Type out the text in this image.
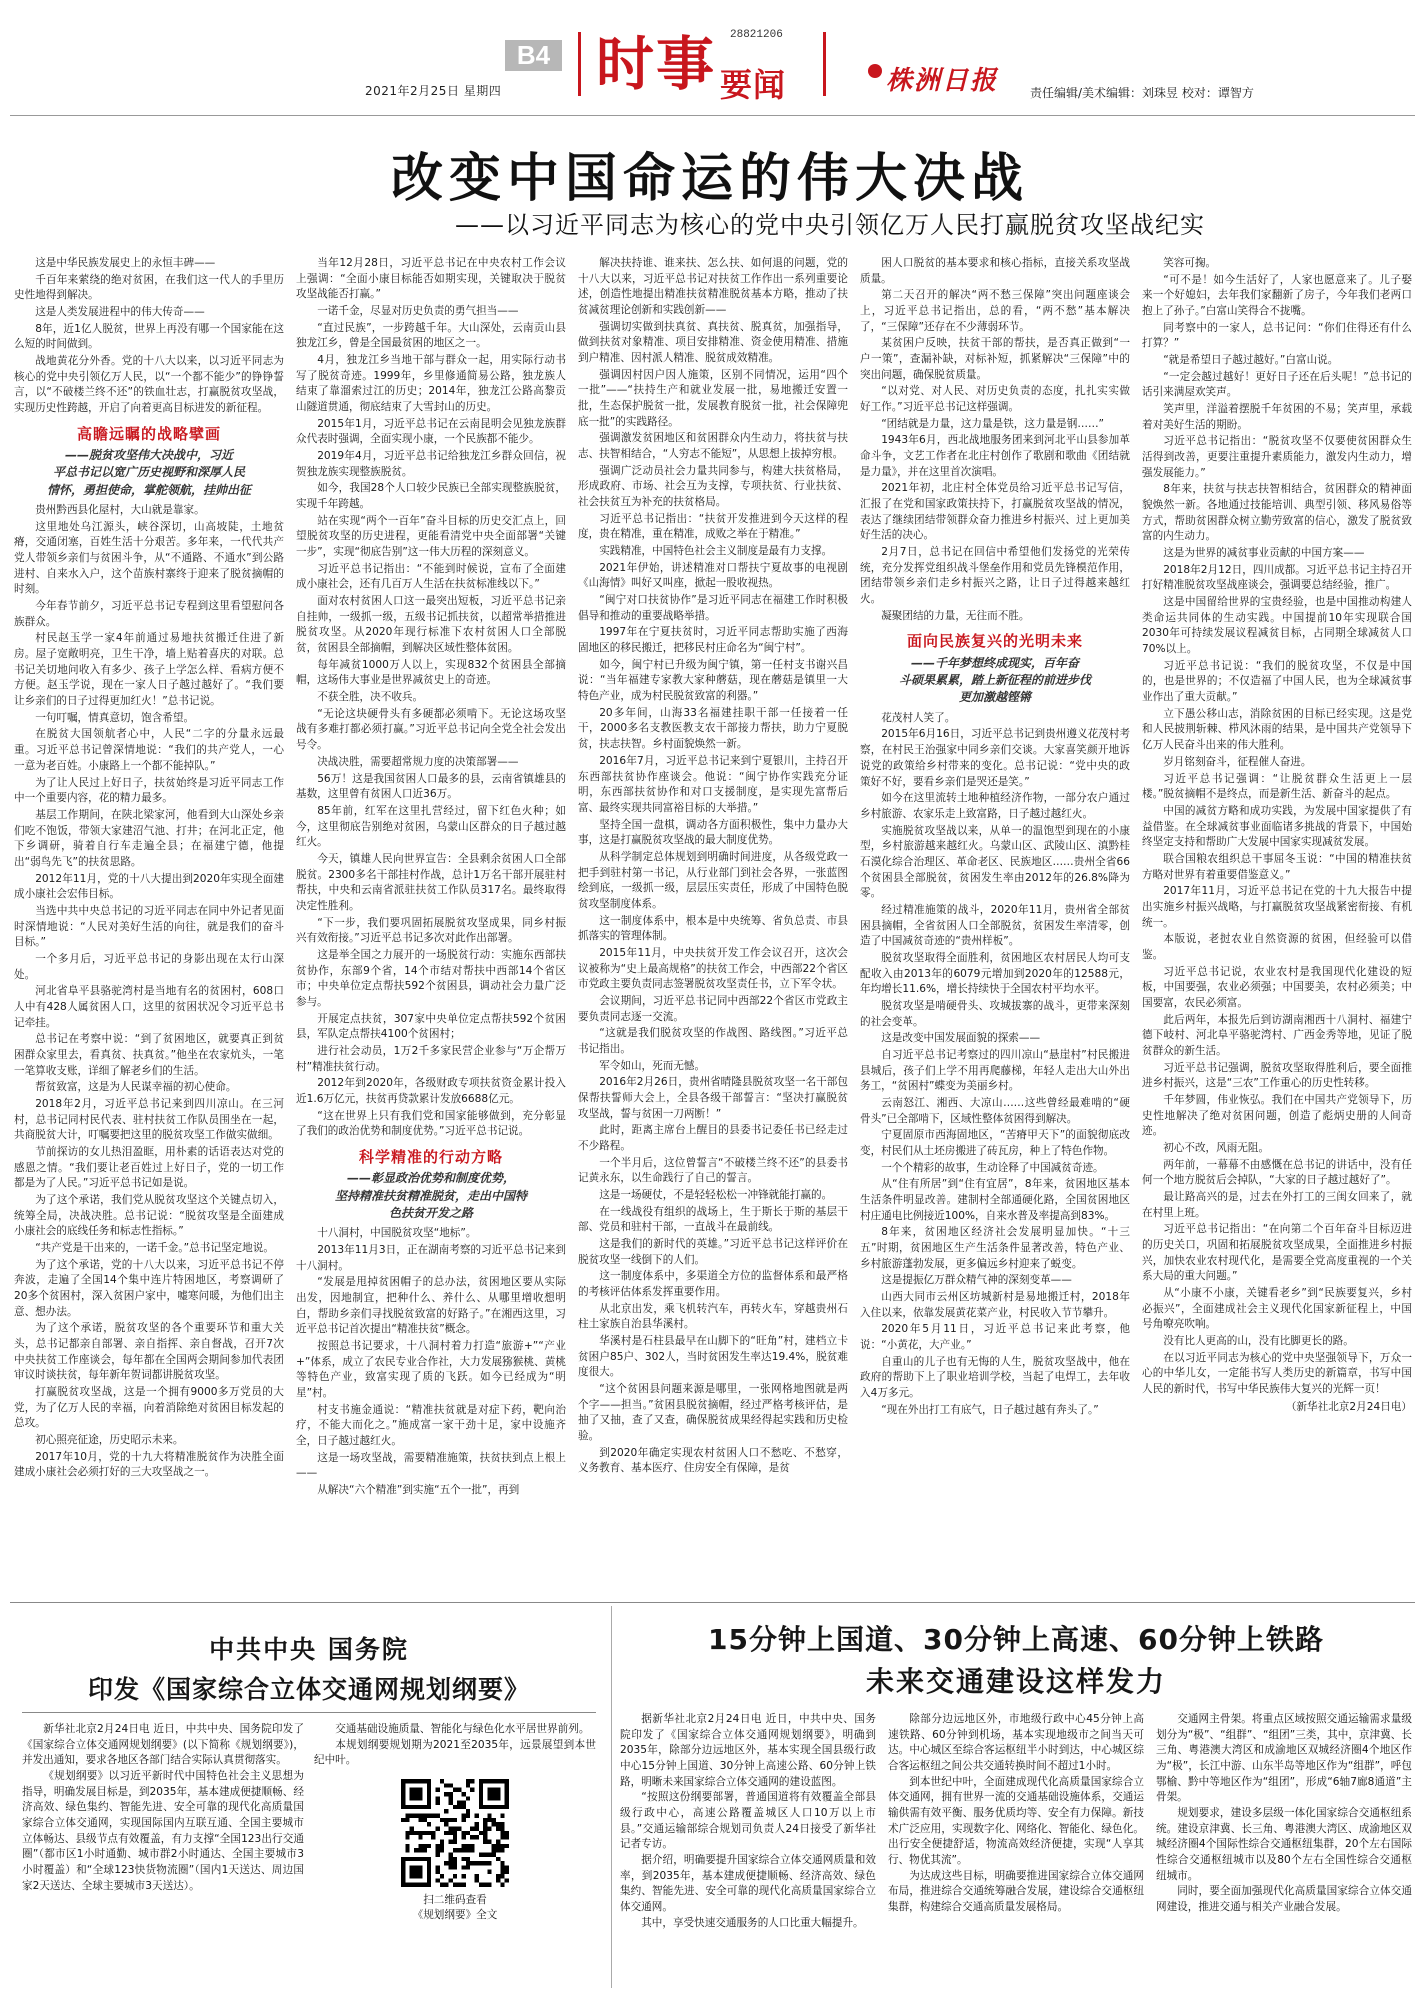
B4
2021年2月25日 星期四 时事 28821206
要闻	株洲日报	责任编辑/美术编辑：刘珠昱 校对：谭智方
改变中国命运的伟大决战
——以习近平同志为核心的党中央引领亿万人民打赢脱贫攻坚战纪实

这是中华民族发展史上的永恒丰碑——

千百年来萦绕的绝对贫困，在我们这一代人的手里历史性地得到解决。

这是人类发展进程中的伟大传奇——

8年，近1亿人脱贫，世界上再没有哪一个国家能在这么短的时间做到。

战地黄花分外香。党的十八大以来，以习近平同志为核心的党中央引领亿万人民，以“一个都不能少”的铮铮誓言，以“不破楼兰终不还”的铁血壮志，打赢脱贫攻坚战，实现历史性跨越，开启了向着更高目标进发的新征程。

高瞻远瞩的战略擘画
——脱贫攻坚伟大决战中，习近
平总书记以宽广历史视野和深厚人民
情怀，勇担使命，掌舵领航，挂帅出征

贵州黔西县化屋村，大山就是靠家。

这里地处乌江源头，峡谷深切，山高坡陡，土地贫瘠，交通闭塞，百姓生活十分艰苦。多年来，一代代共产党人带领乡亲们与贫困斗争，从“不通路、不通水”到公路进村、自来水入户，这个苗族村寨终于迎来了脱贫摘帽的时刻。

今年春节前夕，习近平总书记专程到这里看望慰问各族群众。

村民赵玉学一家4年前通过易地扶贫搬迁住进了新房。屋子宽敞明亮，卫生干净，墙上贴着喜庆的对联。总书记关切地问收入有多少、孩子上学怎么样、看病方便不方便。赵玉学说，现在一家人日子越过越好了。“我们要让乡亲们的日子过得更加红火！”总书记说。

一句叮嘱，情真意切，饱含希望。

在脱贫大国领航者心中，人民“二字的分量永远最重。习近平总书记曾深情地说：“我们的共产党人，一心一意为老百姓。小康路上一个都不能掉队。”

为了让人民过上好日子，扶贫始终是习近平同志工作中一个重要内容，花的精力最多。

基层工作期间，在陕北梁家河，他看到大山深处乡亲们吃不饱饭，带领大家建沼气池、打井；在河北正定，他下乡调研，骑着自行车走遍全县；在福建宁德，他提出“弱鸟先飞”的扶贫思路。

2012年11月，党的十八大提出到2020年实现全面建成小康社会宏伟目标。

当选中共中央总书记的习近平同志在同中外记者见面时深情地说：“人民对美好生活的向往，就是我们的奋斗目标。”

一个多月后，习近平总书记的身影出现在太行山深处。

河北省阜平县骆驼湾村是当地有名的贫困村，608口人中有428人属贫困人口，这里的贫困状况令习近平总书记牵挂。

总书记在考察中说：“到了贫困地区，就要真正到贫困群众家里去，看真贫、扶真贫。”他坐在农家炕头，一笔一笔算收支账，详细了解老乡们的生活。

帮贫致富，这是为人民谋幸福的初心使命。

2018年2月，习近平总书记来到四川凉山。在三河村，总书记同村民代表、驻村扶贫工作队员围坐在一起，共商脱贫大计，叮嘱要把这里的脱贫攻坚工作做实做细。

节前探访的女儿热泪盈眶，用朴素的话语表达对党的感恩之情。“我们要让老百姓过上好日子，党的一切工作都是为了人民。”习近平总书记如是说。

为了这个承诺，我们党从脱贫攻坚这个关键点切入，统筹全局，决战决胜。总书记说：“脱贫攻坚是全面建成小康社会的底线任务和标志性指标。”

“共产党是干出来的，一诺千金。”总书记坚定地说。

为了这个承诺，党的十八大以来，习近平总书记不停奔波，走遍了全国14个集中连片特困地区，考察调研了20多个贫困村，深入贫困户家中，嘘寒问暖，为他们出主意、想办法。

为了这个承诺，脱贫攻坚的各个重要环节和重大关头，总书记都亲自部署、亲自指挥、亲自督战，召开7次中央扶贫工作座谈会，每年都在全国两会期间参加代表团审议时谈扶贫，每年新年贺词都讲脱贫攻坚。

打赢脱贫攻坚战，这是一个拥有9000多万党员的大党，为了亿万人民的幸福，向着消除绝对贫困目标发起的总攻。

初心照亮征途，历史昭示未来。

2017年10月，党的十九大将精准脱贫作为决胜全面建成小康社会必须打好的三大攻坚战之一。

当年12月28日，习近平总书记在中央农村工作会议上强调：“全面小康目标能否如期实现，关键取决于脱贫攻坚战能否打赢。”

一诺千金，尽显对历史负责的勇气担当——

“直过民族”，一步跨越千年。大山深处，云南贡山县独龙江乡，曾是全国最贫困的地区之一。

4月，独龙江乡当地干部与群众一起，用实际行动书写了脱贫奇迹。1999年，乡里修通简易公路，独龙族人结束了靠溜索过江的历史；2014年，独龙江公路高黎贡山隧道贯通，彻底结束了大雪封山的历史。

2015年1月，习近平总书记在云南昆明会见独龙族群众代表时强调，全面实现小康，一个民族都不能少。

2019年4月，习近平总书记给独龙江乡群众回信，祝贺独龙族实现整族脱贫。

如今，我国28个人口较少民族已全部实现整族脱贫，实现千年跨越。

站在实现“两个一百年”奋斗目标的历史交汇点上，回望脱贫攻坚的历史进程，更能看清党中央全面部署“关键一步”，实现“彻底告别”这一伟大历程的深刻意义。

习近平总书记指出：“不能到时候说，宣布了全面建成小康社会，还有几百万人生活在扶贫标准线以下。”

面对农村贫困人口这一最突出短板，习近平总书记亲自挂帅，一级抓一级，五级书记抓扶贫，以超常举措推进脱贫攻坚。从2020年现行标准下农村贫困人口全部脱贫，贫困县全部摘帽，到解决区域性整体贫困。

每年减贫1000万人以上，实现832个贫困县全部摘帽，这场伟大事业是世界减贫史上的奇迹。

不获全胜，决不收兵。

“无论这块硬骨头有多硬都必须啃下。无论这场攻坚战有多难打都必须打赢。”习近平总书记向全党全社会发出号令。

决战决胜，需要超常规力度的决策部署——

56万！这是我国贫困人口最多的县，云南省镇雄县的基数，这里曾有贫困人口近36万。

85年前，红军在这里扎营经过，留下红色火种；如今，这里彻底告别绝对贫困，乌蒙山区群众的日子越过越红火。

今天，镇雄人民向世界宣告：全县剩余贫困人口全部脱贫。2300多名干部挂村作战，总计1万名干部开展驻村帮扶，中央和云南省派驻扶贫工作队员317名。最终取得决定性胜利。

“下一步，我们要巩固拓展脱贫攻坚成果，同乡村振兴有效衔接。”习近平总书记多次对此作出部署。

这是举全国之力展开的一场脱贫行动：实施东西部扶贫协作，东部9个省，14个市结对帮扶中西部14个省区市；中央单位定点帮扶592个贫困县，调动社会力量广泛参与。

开展定点扶贫，307家中央单位定点帮扶592个贫困县，军队定点帮扶4100个贫困村；

进行社会动员，1万2千多家民营企业参与“万企帮万村”精准扶贫行动。

2012年到2020年，各级财政专项扶贫资金累计投入近1.6万亿元，扶贫再贷款累计发放6688亿元。

“这在世界上只有我们党和国家能够做到，充分彰显了我们的政治优势和制度优势。”习近平总书记说。

科学精准的行动方略
——彰显政治优势和制度优势，
坚持精准扶贫精准脱贫，走出中国特
色扶贫开发之路

十八洞村，中国脱贫攻坚“地标”。

2013年11月3日，正在湖南考察的习近平总书记来到十八洞村。

“发展是甩掉贫困帽子的总办法，贫困地区要从实际出发，因地制宜，把种什么、养什么、从哪里增收想明白，帮助乡亲们寻找脱贫致富的好路子。”在湘西这里，习近平总书记首次提出“精准扶贫”概念。

按照总书记要求，十八洞村着力打造“旅游+”“产业+”体系，成立了农民专业合作社，大力发展猕猴桃、黄桃等特色产业，致富实现了质的飞跃。如今已经成为“明星”村。

村支书施金通说：“精准扶贫就是对症下药，靶向治疗，不能大而化之。”施成富一家干劲十足，家中设施齐全，日子越过越红火。

这是一场攻坚战，需要精准施策，扶贫扶到点上根上——

从解决“六个精准”到实施“五个一批”，再到

解决扶持谁、谁来扶、怎么扶、如何退的问题，党的十八大以来，习近平总书记对扶贫工作作出一系列重要论述，创造性地提出精准扶贫精准脱贫基本方略，推动了扶贫减贫理论创新和实践创新——

强调切实做到扶真贫、真扶贫、脱真贫，加强指导，做到扶贫对象精准、项目安排精准、资金使用精准、措施到户精准、因村派人精准、脱贫成效精准。

强调因村因户因人施策，区别不同情况，运用“四个一批”——“扶持生产和就业发展一批，易地搬迁安置一批，生态保护脱贫一批，发展教育脱贫一批，社会保障兜底一批”的实践路径。

强调激发贫困地区和贫困群众内生动力，将扶贫与扶志、扶智相结合，“人穷志不能短”，从思想上拔掉穷根。

强调广泛动员社会力量共同参与，构建大扶贫格局，形成政府、市场、社会互为支撑，专项扶贫、行业扶贫、社会扶贫互为补充的扶贫格局。

习近平总书记指出：“扶贫开发推进到今天这样的程度，贵在精准，重在精准，成败之举在于精准。”

实践精准，中国特色社会主义制度是最有力支撑。

2021年伊始，讲述精准对口帮扶宁夏故事的电视剧《山海情》叫好又叫座，掀起一股收视热。

“闽宁对口扶贫协作”是习近平同志在福建工作时积极倡导和推动的重要战略举措。

1997年在宁夏扶贫时，习近平同志帮助实施了西海固地区的移民搬迁，把移民村庄命名为“闽宁村”。

如今，闽宁村已升级为闽宁镇，第一任村支书谢兴昌说：“当年福建专家教大家种蘑菇，现在蘑菇是镇里一大特色产业，成为村民脱贫致富的利器。”

20多年间，山海33名福建挂职干部一任接着一任干，2000多名支教医教支农干部接力帮扶，助力宁夏脱贫，扶志扶智。乡村面貌焕然一新。

2016年7月，习近平总书记来到宁夏银川，主持召开东西部扶贫协作座谈会。他说：“闽宁协作实践充分证明，东西部扶贫协作和对口支援制度，是实现先富帮后富、最终实现共同富裕目标的大举措。”

坚持全国一盘棋，调动各方面积极性，集中力量办大事，这是打赢脱贫攻坚战的最大制度优势。

从科学制定总体规划到明确时间进度，从各级党政一把手到驻村第一书记，从行业部门到社会各界，一张蓝图绘到底，一级抓一级，层层压实责任，形成了中国特色脱贫攻坚制度体系。

这一制度体系中，根本是中央统筹、省负总责、市县抓落实的管理体制。

2015年11月，中央扶贫开发工作会议召开，这次会议被称为“史上最高规格”的扶贫工作会，中西部22个省区市党政主要负责同志签署脱贫攻坚责任书，立下军令状。

会议期间，习近平总书记同中西部22个省区市党政主要负责同志逐一交流。

“这就是我们脱贫攻坚的作战图、路线图。”习近平总书记指出。

军令如山，死而无憾。

2016年2月26日，贵州省晴隆县脱贫攻坚一名干部包保帮扶誓师大会上，全县各级干部誓言：“坚决打赢脱贫攻坚战，誓与贫困一刀两断！”

此时，距离主席台上醒目的县委书记委任书已经走过不少路程。

一个半月后，这位曾誓言“不破楼兰终不还”的县委书记黄永东，以生命践行了自己的誓言。

这是一场硬仗，不是轻轻松松一冲锋就能打赢的。

在一线战役有组织的战场上，生于斯长于斯的基层干部、党员和驻村干部，一直战斗在最前线。

这是我们的新时代的英雄。”习近平总书记这样评价在脱贫攻坚一线倒下的人们。

这一制度体系中，多渠道全方位的监督体系和最严格的考核评估体系发挥重要作用。

从北京出发，乘飞机转汽车，再转火车，穿越贵州石柱土家族自治县华溪村。

华溪村是石柱县最早在山脚下的“旺角”村，建档立卡贫困户85户、302人，当时贫困发生率达19.4%，脱贫难度很大。

“这个贫困县问题来源是哪里，一张网格地图就是两个字——担当。”贫困县脱贫摘帽，经过严格考核评估，是抽了又抽，查了又查，确保脱贫成果经得起实践和历史检验。

到2020年确定实现农村贫困人口不愁吃、不愁穿，义务教育、基本医疗、住房安全有保障，是贫

困人口脱贫的基本要求和核心指标，直接关系攻坚战质量。

第二天召开的解决“两不愁三保障”突出问题座谈会上，习近平总书记指出，总的看，“两不愁”基本解决了，“三保障”还存在不少薄弱环节。

某贫困户反映，扶贫干部的帮扶，是否真正做到“一户一策”，查漏补缺，对标补短，抓紧解决“三保障”中的突出问题，确保脱贫质量。

“以对党、对人民、对历史负责的态度，扎扎实实做好工作。”习近平总书记这样强调。

“团结就是力量，这力量是铁，这力量是钢……”

1943年6月，西北战地服务团来到河北平山县参加革命斗争，文艺工作者在北庄村创作了歌剧和歌曲《团结就是力量》，并在这里首次演唱。

2021年初，北庄村全体党员给习近平总书记写信，汇报了在党和国家政策扶持下，打赢脱贫攻坚战的情况，表达了继续团结带领群众奋力推进乡村振兴、过上更加美好生活的决心。

2月7日，总书记在回信中希望他们发扬党的光荣传统，充分发挥党组织战斗堡垒作用和党员先锋模范作用，团结带领乡亲们走乡村振兴之路，让日子过得越来越红火。

凝聚团结的力量，无往而不胜。

面向民族复兴的光明未来
——千年梦想终成现实，百年奋
斗硕果累累，踏上新征程的前进步伐
更加激越铿锵

花茂村人笑了。

2015年6月16日，习近平总书记到贵州遵义花茂村考察，在村民王治强家中同乡亲们交谈。大家喜笑颜开地诉说党的政策给乡村带来的变化。总书记说：“党中央的政策好不好，要看乡亲们是哭还是笑。”

如今在这里流转土地种植经济作物，一部分农户通过乡村旅游、农家乐走上致富路，日子越过越红火。

实施脱贫攻坚战以来，从单一的温饱型到现在的小康型，乡村旅游越来越红火。乌蒙山区、武陵山区、滇黔桂石漠化综合治理区、革命老区、民族地区……贵州全省66个贫困县全部脱贫，贫困发生率由2012年的26.8%降为零。

经过精准施策的战斗，2020年11月，贵州省全部贫困县摘帽，全省贫困人口全部脱贫，贫困发生率清零，创造了中国减贫奇迹的“贵州样板”。

脱贫攻坚取得全面胜利，贫困地区农村居民人均可支配收入由2013年的6079元增加到2020年的12588元，年均增长11.6%，增长持续快于全国农村平均水平。

脱贫攻坚是啃硬骨头、攻城拔寨的战斗，更带来深刻的社会变革。

这是改变中国发展面貌的探索——

自习近平总书记考察过的四川凉山“悬崖村”村民搬进县城后，孩子们上学不用再爬藤梯，年轻人走出大山外出务工，“贫困村”蝶变为美丽乡村。

云南怒江、湘西、大凉山……这些曾经最难啃的“硬骨头”已全部啃下，区域性整体贫困得到解决。

宁夏固原市西海固地区，“苦瘠甲天下”的面貌彻底改变，村民们从土坯房搬进了砖瓦房，种上了特色作物。

一个个精彩的故事，生动诠释了中国减贫奇迹。

从“住有所居”到“住有宜居”，8年来，贫困地区基本生活条件明显改善。建制村全部通硬化路，全国贫困地区村庄通电比例接近100%，自来水普及率提高到83%。

8年来，贫困地区经济社会发展明显加快。“十三五”时期，贫困地区生产生活条件显著改善，特色产业、乡村旅游蓬勃发展，更多偏远乡村迎来了蜕变。

这是提振亿万群众精气神的深刻变革——

山西大同市云州区坊城新村是易地搬迁村，2018年入住以来，依靠发展黄花菜产业，村民收入节节攀升。

2020年5月11日，习近平总书记来此考察，他说：“小黄花，大产业。”

自重山的儿子也有无悔的人生，脱贫攻坚战中，他在政府的帮助下上了职业培训学校，当起了电焊工，去年收入4万多元。

“现在外出打工有底气，日子越过越有奔头了。”

笑容可掬。

“可不是！如今生活好了，人家也愿意来了。儿子娶来一个好媳妇，去年我们家翻新了房子，今年我们老两口抱上了孙子。”白富山笑得合不拢嘴。

同考察中的一家人，总书记问：“你们住得还有什么打算？”

“就是希望日子越过越好。”白富山说。

“一定会越过越好！更好日子还在后头呢！”总书记的话引来满屋欢笑声。

笑声里，洋溢着摆脱千年贫困的不易；笑声里，承载着对美好生活的期盼。

习近平总书记指出：“脱贫攻坚不仅要使贫困群众生活得到改善，更要注重提升素质能力，激发内生动力，增强发展能力。”

8年来，扶贫与扶志扶智相结合，贫困群众的精神面貌焕然一新。各地通过技能培训、典型引领、移风易俗等方式，帮助贫困群众树立勤劳致富的信心，激发了脱贫致富的内生动力。

这是为世界的减贫事业贡献的中国方案——

2018年2月12日，四川成都。习近平总书记主持召开打好精准脱贫攻坚战座谈会，强调要总结经验，推广。

这是中国留给世界的宝贵经验，也是中国推动构建人类命运共同体的生动实践。中国提前10年实现联合国2030年可持续发展议程减贫目标，占同期全球减贫人口70%以上。

习近平总书记说：“我们的脱贫攻坚，不仅是中国的，也是世界的；不仅造福了中国人民，也为全球减贫事业作出了重大贡献。”

立下愚公移山志，消除贫困的目标已经实现。这是党和人民披荆斩棘、栉风沐雨的结果，是中国共产党领导下亿万人民奋斗出来的伟大胜利。

岁月铭刻奋斗，征程催人奋进。

习近平总书记强调：“让脱贫群众生活更上一层楼。”脱贫摘帽不是终点，而是新生活、新奋斗的起点。

中国的减贫方略和成功实践，为发展中国家提供了有益借鉴。在全球减贫事业面临诸多挑战的背景下，中国始终坚定支持和帮助广大发展中国家实现减贫发展。

联合国粮农组织总干事屈冬玉说：“中国的精准扶贫方略对世界有着重要借鉴意义。”

2017年11月，习近平总书记在党的十九大报告中提出实施乡村振兴战略，与打赢脱贫攻坚战紧密衔接、有机统一。

本版说，老挝农业自然资源的贫困，但经验可以借鉴。

习近平总书记说，农业农村是我国现代化建设的短板，中国要强，农业必须强；中国要美，农村必须美；中国要富，农民必须富。

此后两年，本报先后到访湖南湘西十八洞村、福建宁德下岐村、河北阜平骆驼湾村、广西金秀等地，见证了脱贫群众的新生活。

习近平总书记强调，脱贫攻坚取得胜利后，要全面推进乡村振兴，这是“三农”工作重心的历史性转移。

千年梦圆，伟业恢弘。我们在中国共产党领导下，历史性地解决了绝对贫困问题，创造了彪炳史册的人间奇迹。

初心不改，风雨无阻。

两年前，一幕幕不由感慨在总书记的讲话中，没有任何一个地方脱贫后会掉队，“大家的日子越过越好了”。

最让路高兴的是，过去在外打工的三闺女回来了，就在村里上班。

习近平总书记指出：“在向第二个百年奋斗目标迈进的历史关口，巩固和拓展脱贫攻坚成果，全面推进乡村振兴，加快农业农村现代化，是需要全党高度重视的一个关系大局的重大问题。”

从“小康不小康，关键看老乡”到“民族要复兴，乡村必振兴”，全面建成社会主义现代化国家新征程上，中国号角嘹亮吹响。

没有比人更高的山，没有比脚更长的路。

在以习近平同志为核心的党中央坚强领导下，万众一心的中华儿女，一定能书写人类历史的新篇章，书写中国人民的新时代，书写中华民族伟大复兴的光辉一页！

（新华社北京2月24日电）
中共中央 国务院
印发《国家综合立体交通网规划纲要》

新华社北京2月24日电 近日，中共中央、国务院印发了《国家综合立体交通网规划纲要》(以下简称《规划纲要》)，并发出通知，要求各地区各部门结合实际认真贯彻落实。

《规划纲要》以习近平新时代中国特色社会主义思想为指导，明确发展目标是，到2035年，基本建成便捷顺畅、经济高效、绿色集约、智能先进、安全可靠的现代化高质量国家综合立体交通网，实现国际国内互联互通、全国主要城市立体畅达、县级节点有效覆盖，有力支撑“全国123出行交通圈”（都市区1小时通勤、城市群2小时通达、全国主要城市3小时覆盖）和“全球123快货物流圈”（国内1天送达、周边国家2天送达、全球主要城市3天送达）。

交通基础设施质量、智能化与绿色化水平居世界前列。

本规划纲要规划期为2021至2035年，远景展望到本世纪中叶。

扫二维码查看
《规划纲要》全文
15分钟上国道、30分钟上高速、60分钟上铁路
未来交通建设这样发力

据新华社北京2月24日电 近日，中共中央、国务院印发了《国家综合立体交通网规划纲要》，明确到2035年，除部分边远地区外，基本实现全国县级行政中心15分钟上国道、30分钟上高速公路、60分钟上铁路，明晰未来国家综合立体交通网的建设蓝图。

“按照这份纲要部署，普通国道将有效覆盖全部县级行政中心，高速公路覆盖城区人口10万以上市县。”交通运输部综合规划司负责人24日接受了新华社记者专访。

据介绍，明确要提升国家综合立体交通网质量和效率，到2035年，基本建成便捷顺畅、经济高效、绿色集约、智能先进、安全可靠的现代化高质量国家综合立体交通网。

其中，享受快速交通服务的人口比重大幅提升。

除部分边远地区外，市地级行政中心45分钟上高速铁路、60分钟到机场，基本实现地级市之间当天可达。中心城区至综合客运枢纽半小时到达，中心城区综合客运枢纽之间公共交通转换时间不超过1小时。

到本世纪中叶，全面建成现代化高质量国家综合立体交通网，拥有世界一流的交通基础设施体系，交通运输供需有效平衡、服务优质均等、安全有力保障。新技术广泛应用，实现数字化、网络化、智能化、绿色化。出行安全便捷舒适，物流高效经济便捷，实现“人享其行、物优其流”。

为达成这些目标，明确要推进国家综合立体交通网布局，推进综合交通统筹融合发展，建设综合交通枢纽集群，构建综合交通高质量发展格局。

交通网主骨架。将重点区域按照交通运输需求量级划分为“极”、“组群”、“组团”三类，其中，京津冀、长三角、粤港澳大湾区和成渝地区双城经济圈4个地区作为“极”，长江中游、山东半岛等地区作为“组群”，呼包鄂榆、黔中等地区作为“组团”，形成“6轴7廊8通道”主骨架。

规划要求，建设多层级一体化国家综合交通枢纽系统。建设京津冀、长三角、粤港澳大湾区、成渝地区双城经济圈4个国际性综合交通枢纽集群，20个左右国际性综合交通枢纽城市以及80个左右全国性综合交通枢纽城市。

同时，要全面加强现代化高质量国家综合立体交通网建设，推进交通与相关产业融合发展。
